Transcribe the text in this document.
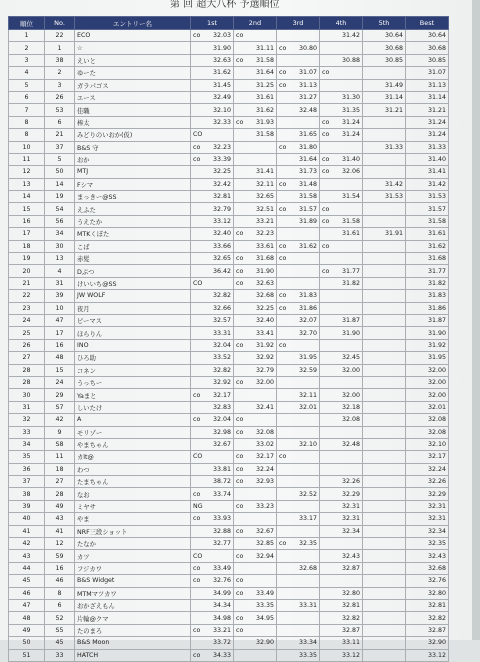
第 回 超大八杯 予選順位
順位	No.	エントリー名	1st	2nd	3rd	4th	5th	Best
1	22	ECO	co 32.03	co		31.42	30.64	30.64
2	1	☆	31.90	31.11	co 30.80		30.68	30.68
3	38	えいと	32.63	co 31.58		30.88	30.85	30.85
4	2	ゆーた	31.62	31.64	co 31.07	co		31.07
5	3	ガラパゴス	31.45	31.25	co 31.13		31.49	31.13
6	26	エース	32.49	31.61	31.27	31.30	31.14	31.14
7	53	佳職	32.10	31.62	32.48	31.35	31.21	31.21
8	6	棒太	32.33	co 31.93		co 31.24		31.24
8	21	みどりのいおか(仮)	CO	31.58	31.65	co 31.24		31.24
10	37	B&S 守	co 32.23		co 31.80		31.33	31.33
11	5	おか	co 33.39		31.64	co 31.40		31.40
12	50	MTJ	32.25	31.41	31.73	co 32.06		31.41
13	14	Fシマ	32.42	32.11	co 31.48		31.42	31.42
14	19	まっきー@SS	32.81	32.65	31.58	31.54	31.53	31.53
15	54	えふた	32.79	32.51	co 31.57	co		31.57
16	56	うえたか	33.12	33.21	31.89	co 31.58		31.58
17	34	MTKくぼた	32.40	co 32.23		31.61	31.91	31.61
18	30	こば	33.66	33.61	co 31.62	co		31.62
19	13	赤髪	32.65	co 31.68	co			31.68
20	4	Dぶつ	36.42	co 31.90		co 31.77		31.77
21	31	けいいち@SS	CO	co 32.63		31.82		31.82
22	39	JW WOLF	32.82	32.68	co 31.83			31.83
23	10	夜月	32.66	32.25	co 31.86			31.86
24	47	ビーマス	32.57	32.40	32.07	31.87		31.87
25	17	ほらりん	33.31	33.41	32.70	31.90		31.90
26	16	INO	32.04	co 31.92	co			31.92
27	48	ひろ助	33.52	32.92	31.95	32.45		31.95
28	15	コネン	32.82	32.79	32.59	32.00		32.00
28	24	うっちー	32.92	co 32.00				32.00
30	29	Yaまと	co 32.17		32.11	32.00		32.00
31	S7	しいたけ	32.83	32.41	32.01	32.18		32.01
32	42	A	co 32.04	co		32.08		32.08
33	9	モリゾー	32.98	co 32.08				32.08
34	S8	やまちゃん	32.67	33.02	32.10	32.48		32.10
35	11	カlt@	CO	co 32.17	co			32.17
36	18	わつ	33.81	co 32.24				32.24
37	27	たまちゃん	38.72	co 32.93		32.26		32.26
38	28	なお	co 33.74		32.52	32.29		32.29
39	49	ミヤサ	NG	co 33.23		32.31		32.31
40	43	やま	co 33.93		33.17	32.31		32.31
41	41	NRF三段ショット	32.88	co 32.67		32.34		32.34
42	12	たなか	32.77	32.85	co 32.35			32.35
43	59	カツ	CO	co 32.94		32.43		32.43
44	16	フジカワ	co 33.49		32.68	32.87		32.68
45	46	B&S Widget	co 32.76	co				32.76
46	8	MTMマツカワ	34.99	co 33.49		32.80		32.80
47	6	おかざえもん	34.34	33.35	33.31	32.81		32.81
48	52	片輪@クマ	34.98	co 34.95		32.82		32.82
49	S5	たのまろ	co 33.21	co		32.87		32.87
50	45	B&S Moon	33.72	32.90	33.34	33.11		32.90
51	33	HATCH	co 34.33		33.35	33.12		33.12
